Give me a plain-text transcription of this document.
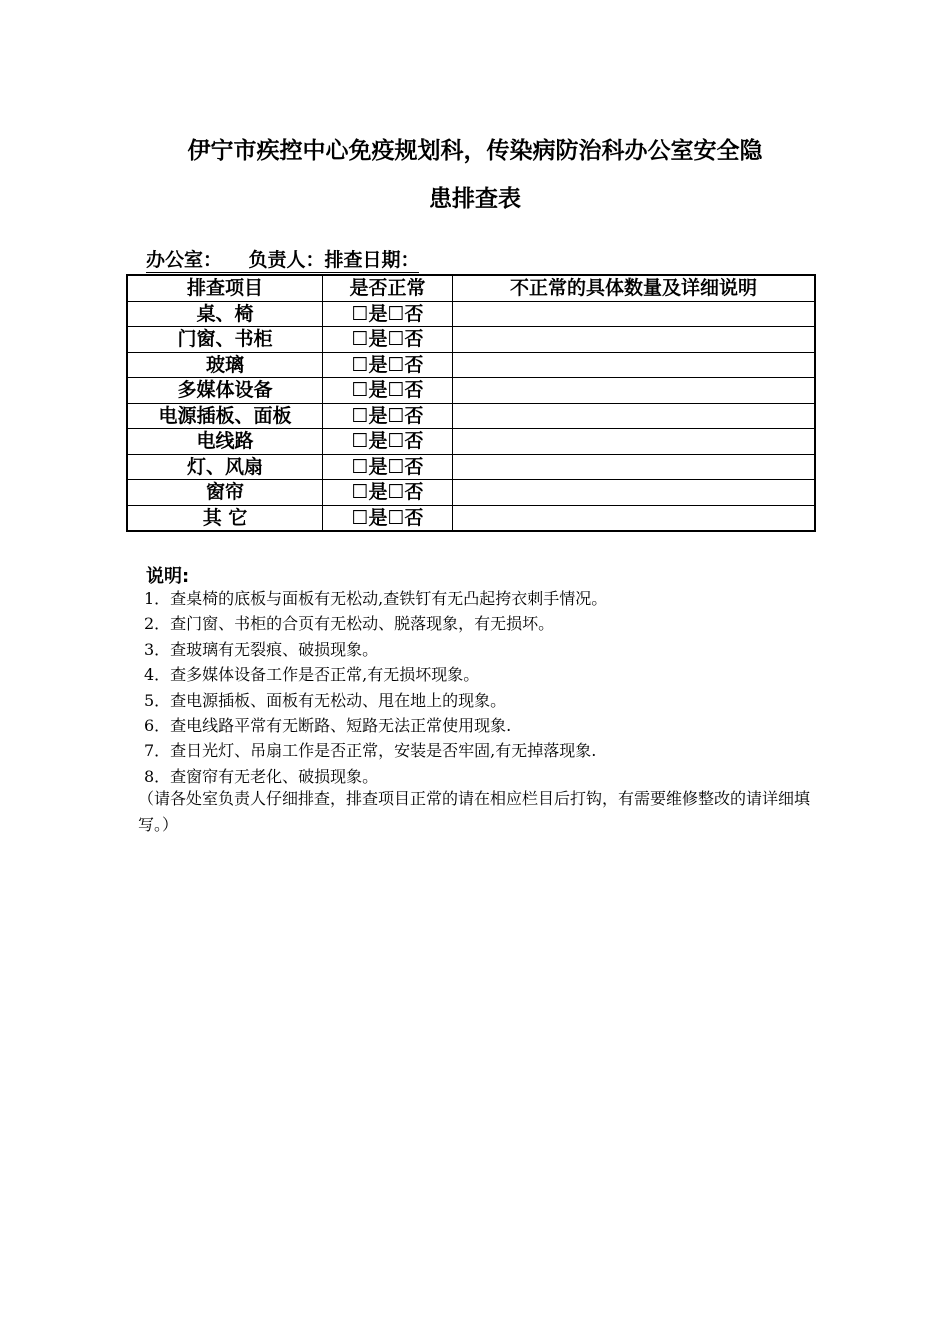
伊宁市疾控中心免疫规划科，传染病防治科办公室安全隐
患排查表
办公室：    负责人：排查日期：
排查项目	是否正常	不正常的具体数量及详细说明
桌、椅	☐是☐否	
门窗、书柜	☐是☐否	
玻璃	☐是☐否	
多媒体设备	☐是☐否	
电源插板、面板	☐是☐否	
电线路	☐是☐否	
灯、风扇	☐是☐否	
窗帘	☐是☐否	
其 它	☐是☐否	
说明:
1．查桌椅的底板与面板有无松动,查铁钉有无凸起挎衣刺手情况。
2．查门窗、书柜的合页有无松动、脱落现象，有无损坏。
3．查玻璃有无裂痕、破损现象。
4．查多媒体设备工作是否正常,有无损坏现象。
5．查电源插板、面板有无松动、甩在地上的现象。
6．查电线路平常有无断路、短路无法正常使用现象.
7．查日光灯、吊扇工作是否正常，安装是否牢固,有无掉落现象.
8．查窗帘有无老化、破损现象。
（请各处室负责人仔细排查，排查项目正常的请在相应栏目后打钩，有需要维修整改的请详细填写。）
